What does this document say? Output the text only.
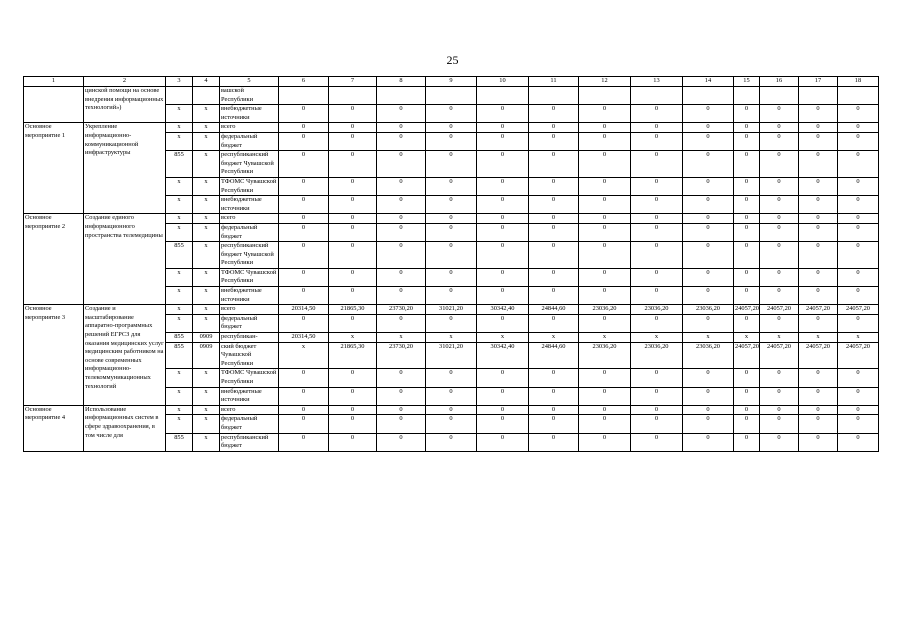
25
1	2	3	4	5	6	7	8	9	10	11	12	13	14	15	16	17	18
	цинской помощи на основе внедрения информационных технологий»)			вашской Республики													
		х	х	внебюджетные источники	0	0	0	0	0	0	0	0	0	0	0	0	0
Основное мероприятие 1	Укрепление информационно-коммуникационной инфраструктуры	х	х	всего	0	0	0	0	0	0	0	0	0	0	0	0	0
		х	х	федеральный бюджет	0	0	0	0	0	0	0	0	0	0	0	0	0
		855	х	республиканский бюджет Чувашской Республики	0	0	0	0	0	0	0	0	0	0	0	0	0
		х	х	ТФОМС Чувашской Республики	0	0	0	0	0	0	0	0	0	0	0	0	0
		х	х	внебюджетные источники	0	0	0	0	0	0	0	0	0	0	0	0	0
Основное мероприятие 2	Создание единого информационного пространства телемедицины	х	х	всего	0	0	0	0	0	0	0	0	0	0	0	0	0
		х	х	федеральный бюджет	0	0	0	0	0	0	0	0	0	0	0	0	0
		855	х	республиканский бюджет Чувашской Республики	0	0	0	0	0	0	0	0	0	0	0	0	0
		х	х	ТФОМС Чувашской Республики	0	0	0	0	0	0	0	0	0	0	0	0	0
		х	х	внебюджетные источники	0	0	0	0	0	0	0	0	0	0	0	0	0
Основное мероприятие 3	Создание и масштабирование аппаратно-программных решений ЕГРСЗ для оказания медицинских услуг медицинским работником на основе современных информационно-телекоммуникационных технологий	х	х	всего	20314,50	21865,30	23730,20	31021,20	30342,40	24844,60	23036,20	23036,20	23036,20	24057,20	24057,20	24057,20	24057,20
		х	х	федеральный бюджет	0	0	0	0	0	0	0	0	0	0	0	0	0
		855	0909	республикан-	20314,50	х	х	х	х	х	х	х	х	х	х	х	х
		855	0909	ский бюджет Чувашской Республики	х	21865,30	23730,20	31021,20	30342,40	24844,60	23036,20	23036,20	23036,20	24057,20	24057,20	24057,20	24057,20
		х	х	ТФОМС Чувашской Республики	0	0	0	0	0	0	0	0	0	0	0	0	0
		х	х	внебюджетные источники	0	0	0	0	0	0	0	0	0	0	0	0	0
Основное мероприятие 4	Использование информационных систем в сфере здравоохранения, в том числе для	х	х	всего	0	0	0	0	0	0	0	0	0	0	0	0	0
		х	х	федеральный бюджет	0	0	0	0	0	0	0	0	0	0	0	0	0
		855	х	республиканский бюджет	0	0	0	0	0	0	0	0	0	0	0	0	0
